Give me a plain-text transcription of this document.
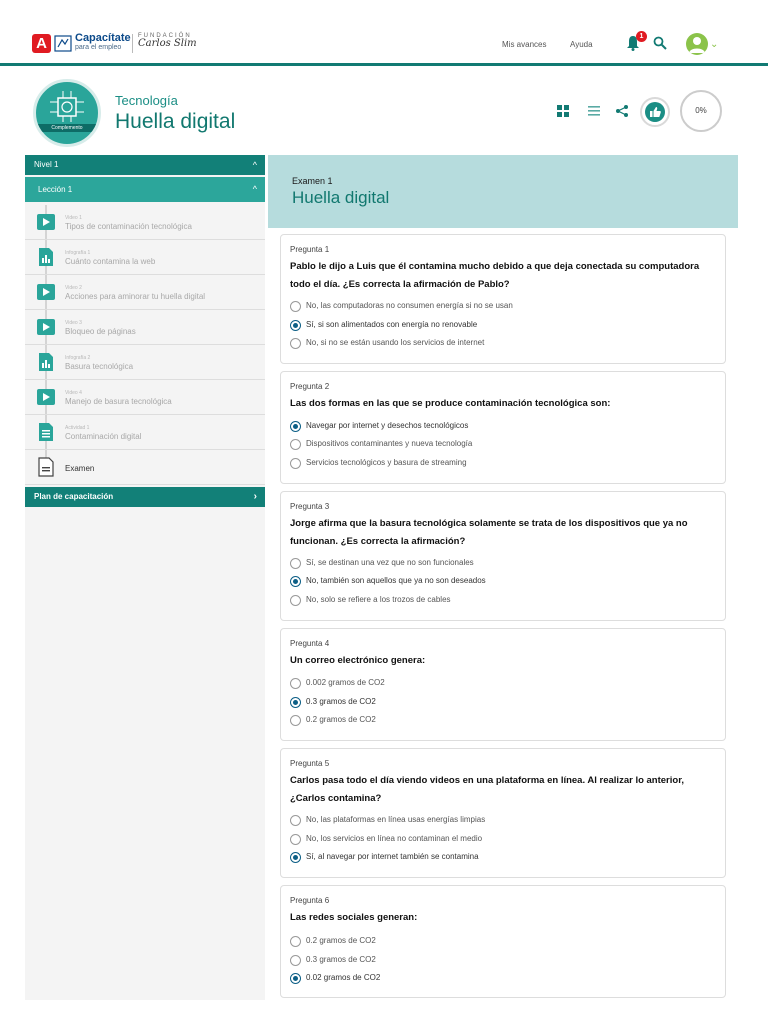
A	Capacítate
para el empleo
FUNDACIÓN
Carlos Slim	Mis avances	Ayuda
1
⌄
Complemento
Tecnología
Huella digital	0%
Nivel 1	^
Lección 1	^
Video 1
Tipos de contaminación tecnológica
Infografía 1
Cuánto contamina la web
Video 2
Acciones para aminorar tu huella digital
Video 3
Bloqueo de páginas
Infografía 2
Basura tecnológica
Video 4
Manejo de basura tecnológica
Actividad 1
Contaminación digital
Examen
Plan de capacitación	›
Examen 1
Huella digital
Pregunta 1
Pablo le dijo a Luis que él contamina mucho debido a que deja conectada su computadora todo el día. ¿Es correcta la afirmación de Pablo?
No, las computadoras no consumen energía si no se usan
Sí, si son alimentados con energía no renovable
No, si no se están usando los servicios de internet
Pregunta 2
Las dos formas en las que se produce contaminación tecnológica son:
Navegar por internet y desechos tecnológicos
Dispositivos contaminantes y nueva tecnología
Servicios tecnológicos y basura de streaming
Pregunta 3
Jorge afirma que la basura tecnológica solamente se trata de los dispositivos que ya no funcionan. ¿Es correcta la afirmación?
Sí, se destinan una vez que no son funcionales
No, también son aquellos que ya no son deseados
No, solo se refiere a los trozos de cables
Pregunta 4
Un correo electrónico genera:
0.002 gramos de CO2
0.3 gramos de CO2
0.2 gramos de CO2
Pregunta 5
Carlos pasa todo el día viendo videos en una plataforma en línea. Al realizar lo anterior, ¿Carlos contamina?
No, las plataformas en línea usas energías limpias
No, los servicios en línea no contaminan el medio
Sí, al navegar por internet también se contamina
Pregunta 6
Las redes sociales generan:
0.2 gramos de CO2
0.3 gramos de CO2
0.02 gramos de CO2
